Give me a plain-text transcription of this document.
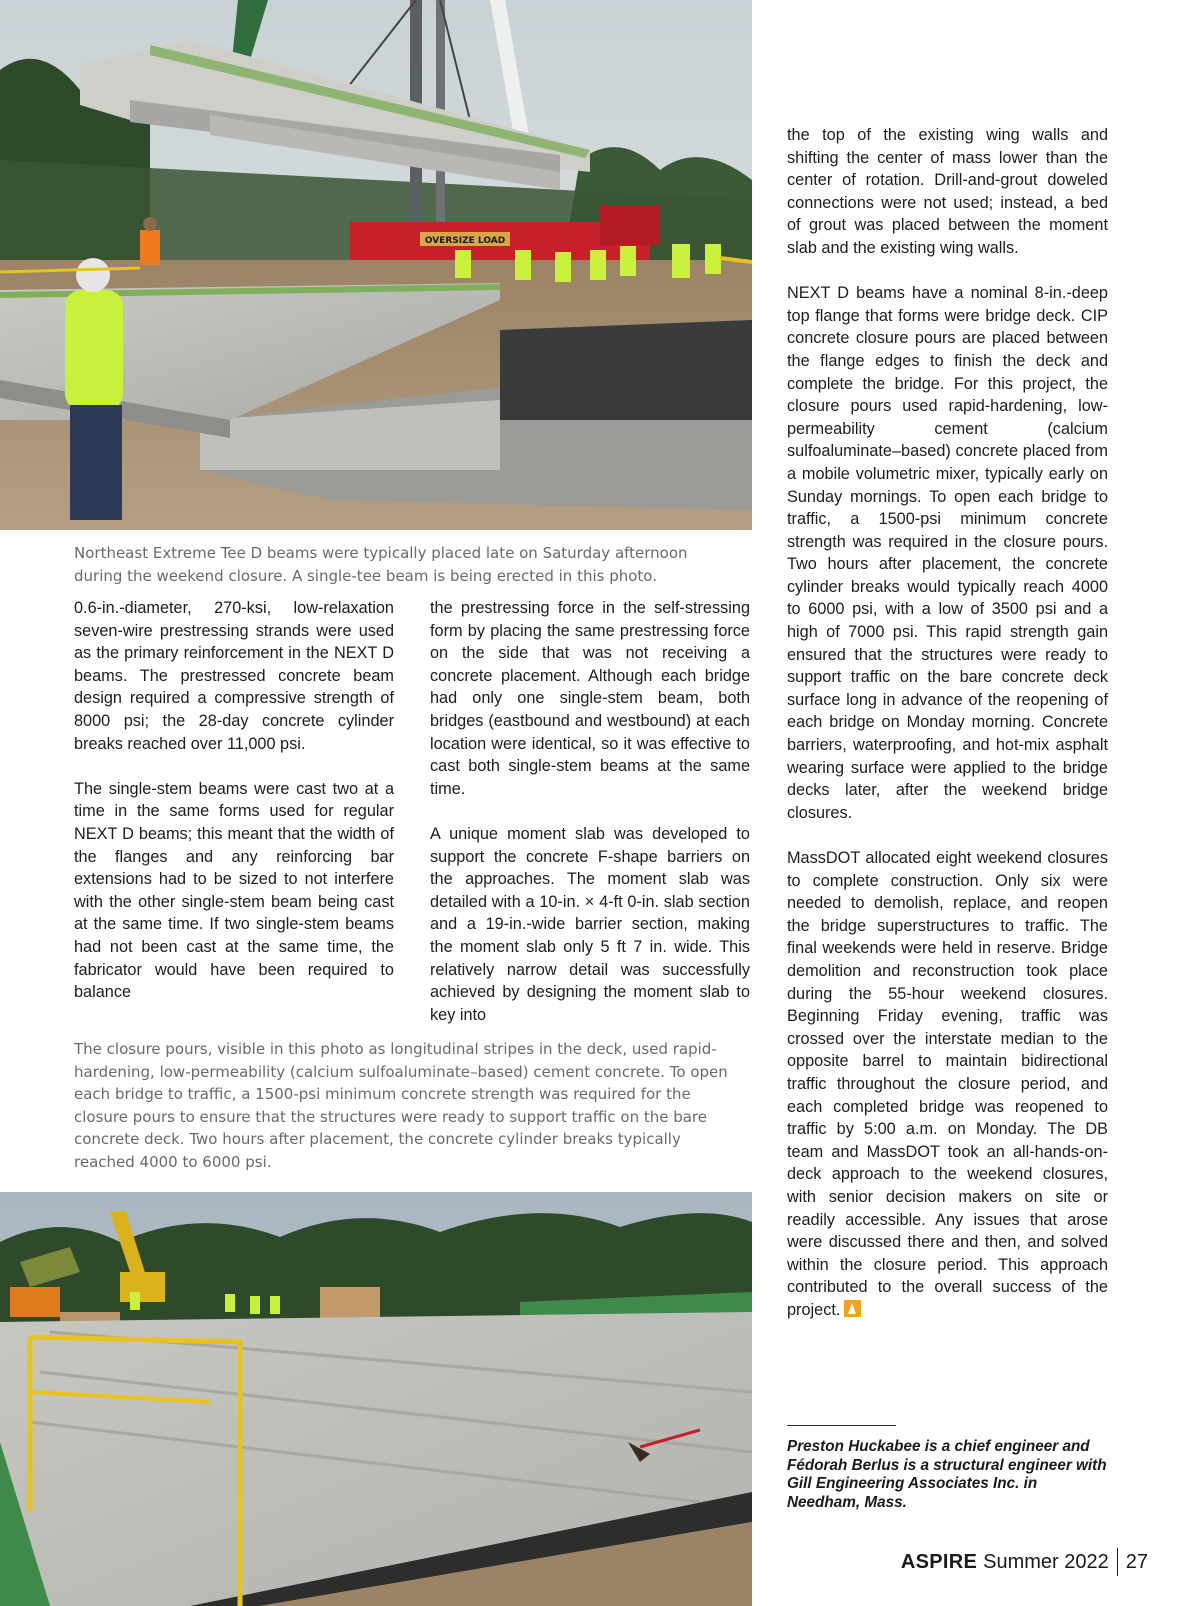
OVERSIZE LOAD
Northeast Extreme Tee D beams were typically placed late on Saturday afternoon during the weekend closure. A single-tee beam is being erected in this photo.

0.6-in.-diameter, 270-ksi, low-relaxation seven-wire prestressing strands were used as the primary reinforcement in the NEXT D beams. The prestressed concrete beam design required a compressive strength of 8000 psi; the 28-day concrete cylinder breaks reached over 11,000 psi.

The single-stem beams were cast two at a time in the same forms used for regular NEXT D beams; this meant that the width of the flanges and any reinforcing bar extensions had to be sized to not interfere with the other single-stem beam being cast at the same time. If two single-stem beams had not been cast at the same time, the fabricator would have been required to balance

the prestressing force in the self-stressing form by placing the same prestressing force on the side that was not receiving a concrete placement. Although each bridge had only one single-stem beam, both bridges (eastbound and westbound) at each location were identical, so it was effective to cast both single-stem beams at the same time.

A unique moment slab was developed to support the concrete F-shape barriers on the approaches. The moment slab was detailed with a 10-in. × 4-ft 0-in. slab section and a 19-in.-wide barrier section, making the moment slab only 5 ft 7 in. wide. This relatively narrow detail was successfully achieved by designing the moment slab to key into

the top of the existing wing walls and shifting the center of mass lower than the center of rotation. Drill-and-grout doweled connections were not used; instead, a bed of grout was placed between the moment slab and the existing wing walls.

NEXT D beams have a nominal 8-in.-deep top flange that forms were bridge deck. CIP concrete closure pours are placed between the flange edges to finish the deck and complete the bridge. For this project, the closure pours used rapid-hardening, low-permeability cement (calcium sulfoaluminate–based) concrete placed from a mobile volumetric mixer, typically early on Sunday mornings. To open each bridge to traffic, a 1500-psi minimum concrete strength was required in the closure pours. Two hours after placement, the concrete cylinder breaks would typically reach 4000 to 6000 psi, with a low of 3500 psi and a high of 7000 psi. This rapid strength gain ensured that the structures were ready to support traffic on the bare concrete deck surface long in advance of the reopening of each bridge on Monday morning. Concrete barriers, waterproofing, and hot-mix asphalt wearing surface were applied to the bridge decks later, after the weekend bridge closures.

MassDOT allocated eight weekend closures to complete construction. Only six were needed to demolish, replace, and reopen the bridge superstructures to traffic. The final weekends were held in reserve. Bridge demolition and reconstruction took place during the 55-hour weekend closures. Beginning Friday evening, traffic was crossed over the interstate median to the opposite barrel to maintain bidirectional traffic throughout the closure period, and each completed bridge was reopened to traffic by 5:00 a.m. on Monday. The DB team and MassDOT took an all-hands-on-deck approach to the weekend closures, with senior decision makers on site or readily accessible. Any issues that arose were discussed there and then, and solved within the closure period. This approach contributed to the overall success of the project.

The closure pours, visible in this photo as longitudinal stripes in the deck, used rapid-hardening, low-permeability (calcium sulfoaluminate–based) cement concrete. To open each bridge to traffic, a 1500-psi minimum concrete strength was required for the closure pours to ensure that the structures were ready to support traffic on the bare concrete deck. Two hours after placement, the concrete cylinder breaks typically reached 4000 to 6000 psi.
Preston Huckabee is a chief engineer and Fédorah Berlus is a structural engineer with Gill Engineering Associates Inc. in Needham, Mass.
ASPIRE Summer 2022 27
